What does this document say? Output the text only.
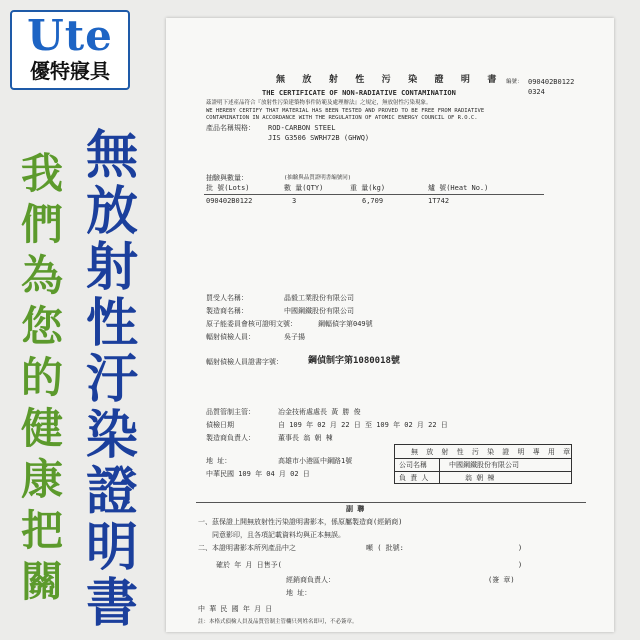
Ute
優特寢具
我
們
為
您
的
健
康
把
關
無
放
射
性
汙
染
證
明
書
無 放 射 性 污 染 證 明 書 編號： 090402B0122
0324
THE CERTIFICATE OF NON-RADIATIVE CONTAMINATION
茲證明下述產品符合『放射性污染建築物事件防範及處理辦法』之規定，無放射性污染現象。
WE HEREBY CERTIFY THAT MATERIAL HAS BEEN TESTED AND PROVED TO BE FREE FROM RADIATIVE
CONTAMINATION IN ACCORDANCE WITH THE REGULATION OF ATOMIC ENERGY COUNCIL OF R.O.C.
產品名稱規格： ROD-CARBON STEEL
JIS G3506 SWRH72B (GHWQ)
抽驗與數量：	(抽驗與品質證明書編號同)
批 號(Lots)	數 量(QTY)	重 量(kg)	爐 號(Heat No.)
090402B0122	3	6,709	1T742
買受人名稱：	晶毅工業股份有限公司
製造商名稱：	中國鋼鐵股份有限公司
原子能委員會核可證明文號：	鋼輻偵字第049號
輻射偵檢人員：	吳子揚
輻射偵檢人員證書字號：	鋼偵制字第1080018號
品質管制主管：	冶金技術處處長 黃 勝 俊
偵檢日期	自 109 年 02 月 22 日 至 109 年 02 月 22 日
製造商負責人：	董事長 翁 朝 棟
地 址：	高雄市小港區中鋼路1號
中華民國 109 年 04 月 02 日
無 放 射 性 污 染 證 明 專 用 章
公司名稱	中國鋼鐵股份有限公司
負 責 人	翁 朝 棟
副 聯
一、茲保證上開無放射性污染證明書影本，係原屬製造商(經銷商)
同意影印，且各項記載資料均與正本無誤。
二、本證明書影本所列產品中之	噸 ( 批號:	)
確於 年 月 日售予(	)
經銷商負責人：	(簽 章)
地 址：
中 華 民 國 年 月 日
註：本格式偵檢人員及品質管制主管欄只列姓名即可，不必簽章。
